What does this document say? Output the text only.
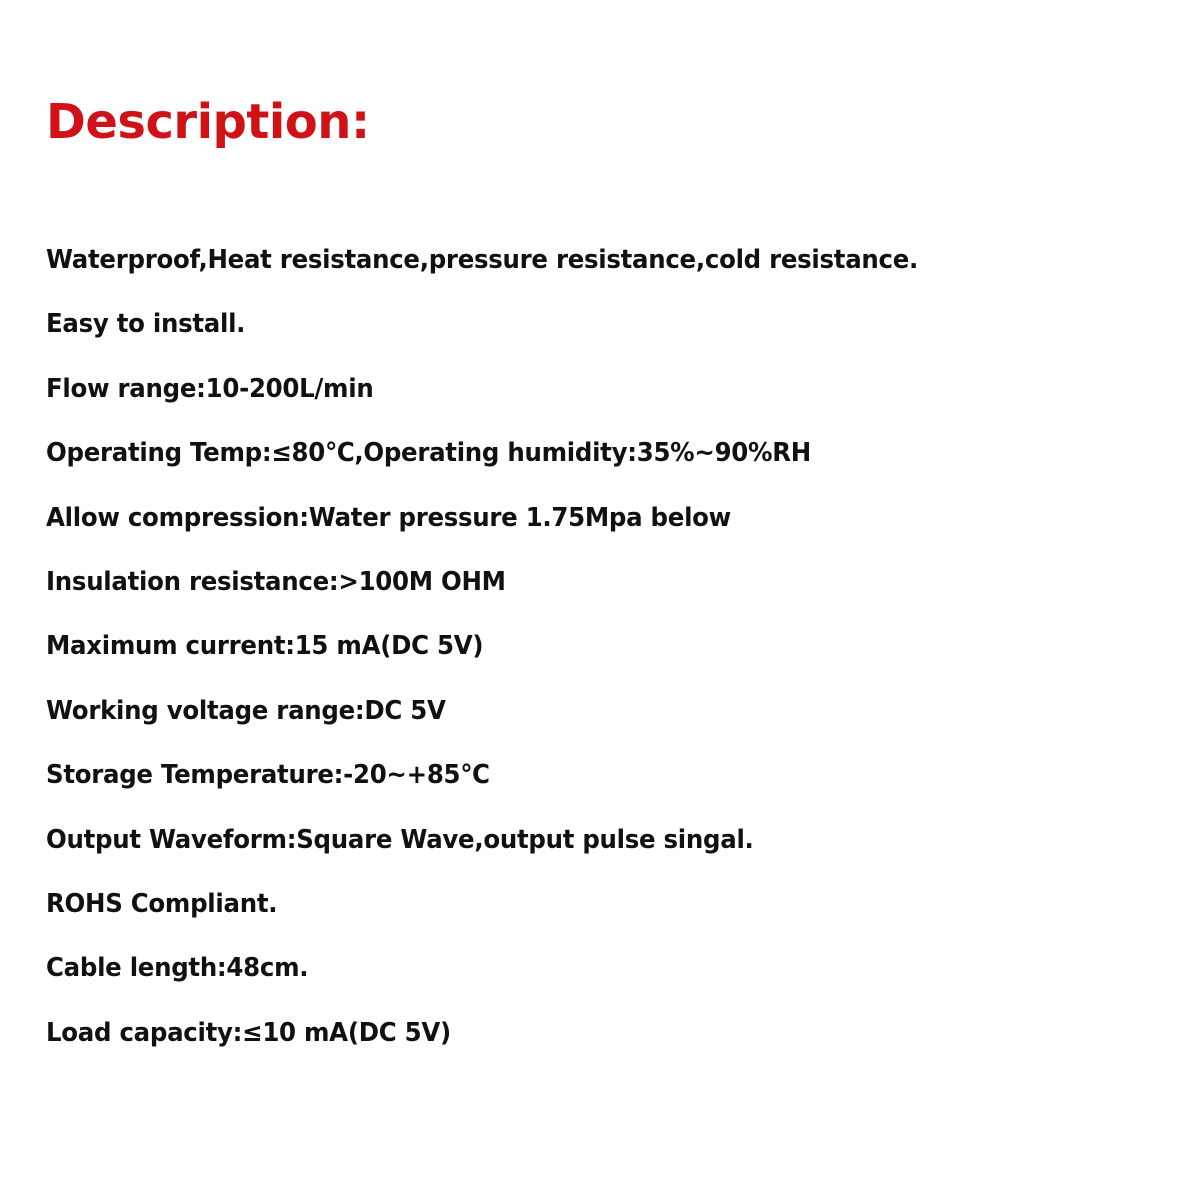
Description:
Waterproof,Heat resistance,pressure resistance,cold resistance.
Easy to install.
Flow range:10-200L/min
Operating Temp:≤80℃,Operating humidity:35%~90%RH
Allow compression:Water pressure 1.75Mpa below
Insulation resistance:>100M OHM
Maximum current:15 mA(DC 5V)
Working voltage range:DC 5V
Storage Temperature:-20~+85℃
Output Waveform:Square Wave,output pulse singal.
ROHS Compliant.
Cable length:48cm.
Load capacity:≤10 mA(DC 5V)
